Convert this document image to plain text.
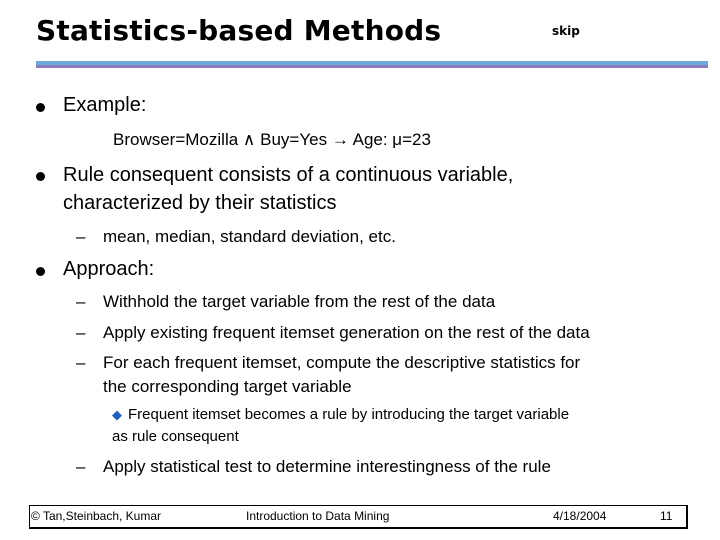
Statistics-based Methods	skip
Example:
Browser=Mozilla ∧ Buy=Yes → Age: μ=23
Rule consequent consists of a continuous variable,
characterized by their statistics
– mean, median, standard deviation, etc.
Approach:
– Withhold the target variable from the rest of the data
– Apply existing frequent itemset generation on the rest of the data
– For each frequent itemset, compute the descriptive statistics for
the corresponding target variable
◆ Frequent itemset becomes a rule by introducing the target variable
as rule consequent
– Apply statistical test to determine interestingness of the rule
© Tan,Steinbach, Kumar	Introduction to Data Mining	4/18/2004	11
